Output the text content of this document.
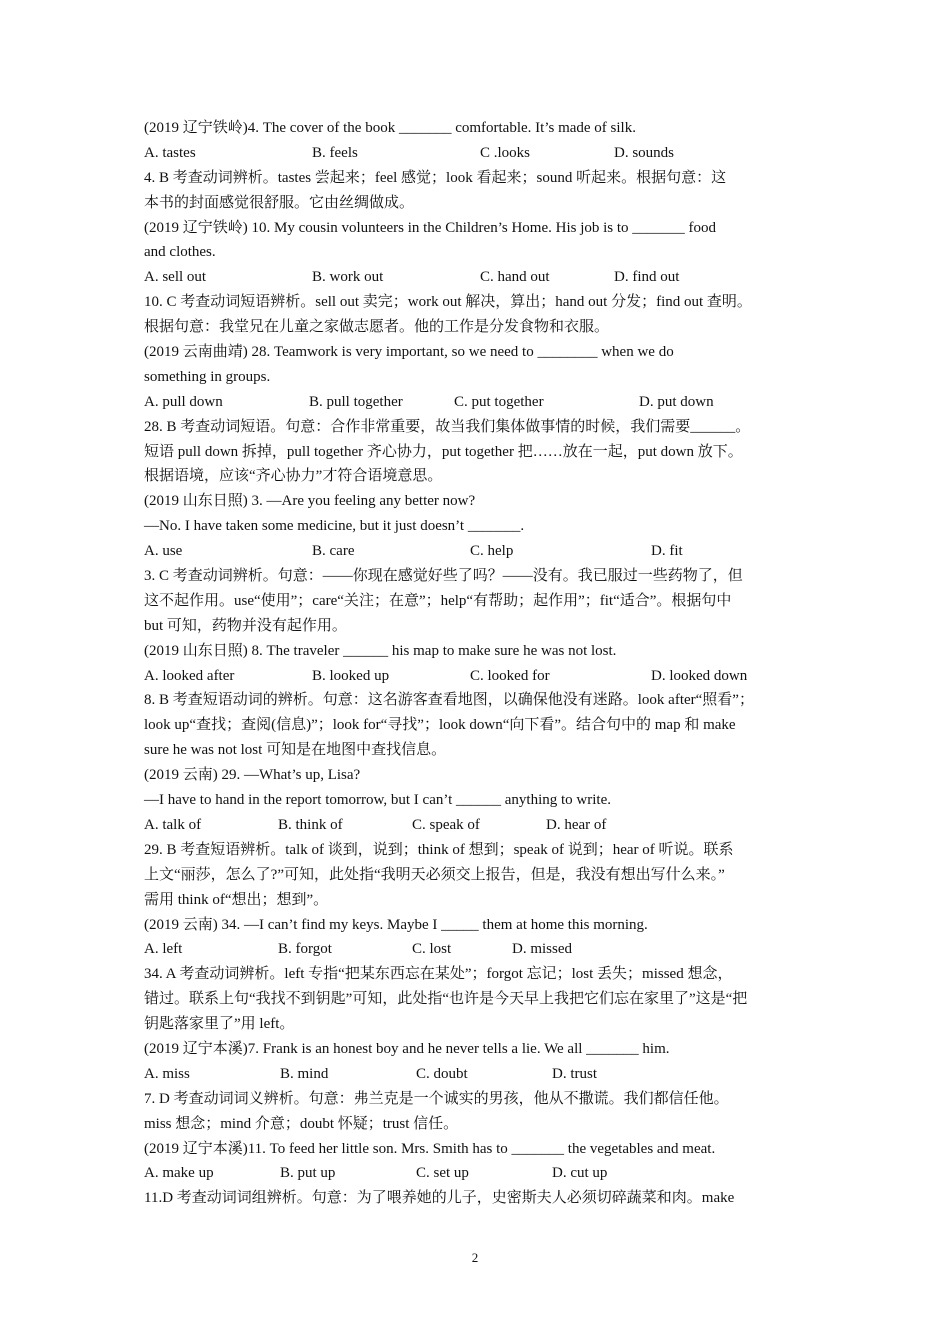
(2019 辽宁铁岭)4. The cover of the book _______ comfortable. It’s made of silk.
A. tastes	B. feels	C .looks	D. sounds
4. B 考查动词辨析。tastes 尝起来；feel 感觉；look 看起来；sound 听起来。根据句意：这
本书的封面感觉很舒服。它由丝绸做成。
(2019 辽宁铁岭) 10. My cousin volunteers in the Children’s Home. His job is to _______ food
and clothes.
A. sell out	B. work out	C. hand out	D. find out
10. C 考查动词短语辨析。sell out 卖完；work out 解决，算出；hand out 分发；find out 查明。
根据句意：我堂兄在儿童之家做志愿者。他的工作是分发食物和衣服。
(2019 云南曲靖) 28. Teamwork is very important, so we need to ________ when we do
something in groups.
A. pull down	B. pull together	C. put together	D. put down
28. B 考查动词短语。句意：合作非常重要，故当我们集体做事情的时候，我们需要______。
短语 pull down 拆掉，pull together 齐心协力，put together 把……放在一起，put down 放下。
根据语境，应该“齐心协力”才符合语境意思。
(2019 山东日照) 3. —Are you feeling any better now?
—No. I have taken some medicine, but it just doesn’t _______.
A. use	B. care	C. help	D. fit
3. C 考查动词辨析。句意：——你现在感觉好些了吗？——没有。我已服过一些药物了，但
这不起作用。use“使用”；care“关注；在意”；help“有帮助；起作用”；fit“适合”。根据句中
but 可知，药物并没有起作用。
(2019 山东日照) 8. The traveler ______ his map to make sure he was not lost.
A. looked after	B. looked up	C. looked for	D. looked down
8. B 考查短语动词的辨析。句意：这名游客查看地图，以确保他没有迷路。look after“照看”；
look up“查找；查阅(信息)”；look for“寻找”；look down“向下看”。结合句中的 map 和 make
sure he was not lost 可知是在地图中查找信息。
(2019 云南) 29. —What’s up, Lisa?
—I have to hand in the report tomorrow, but I can’t ______ anything to write.
A. talk of	B. think of	C. speak of	D. hear of
29. B 考查短语辨析。talk of 谈到，说到；think of 想到；speak of 说到；hear of 听说。联系
上文“丽莎，怎么了?”可知，此处指“我明天必须交上报告，但是，我没有想出写什么来。”
需用 think of“想出；想到”。
(2019 云南) 34. —I can’t find my keys. Maybe I _____ them at home this morning.
A. left	B. forgot	C. lost	D. missed
34. A 考查动词辨析。left 专指“把某东西忘在某处”；forgot 忘记；lost 丢失；missed 想念，
错过。联系上句“我找不到钥匙”可知，此处指“也许是今天早上我把它们忘在家里了”这是“把
钥匙落家里了”用 left。
(2019 辽宁本溪)7. Frank is an honest boy and he never tells a lie. We all _______ him.
A. miss	B. mind	C. doubt	D. trust
7. D 考查动词词义辨析。句意：弗兰克是一个诚实的男孩，他从不撒谎。我们都信任他。
miss 想念；mind 介意；doubt 怀疑；trust 信任。
(2019 辽宁本溪)11. To feed her little son. Mrs. Smith has to _______ the vegetables and meat.
A. make up	B. put up	C. set up	D. cut up
11.D 考查动词词组辨析。句意：为了喂养她的儿子，史密斯夫人必须切碎蔬菜和肉。make
2
